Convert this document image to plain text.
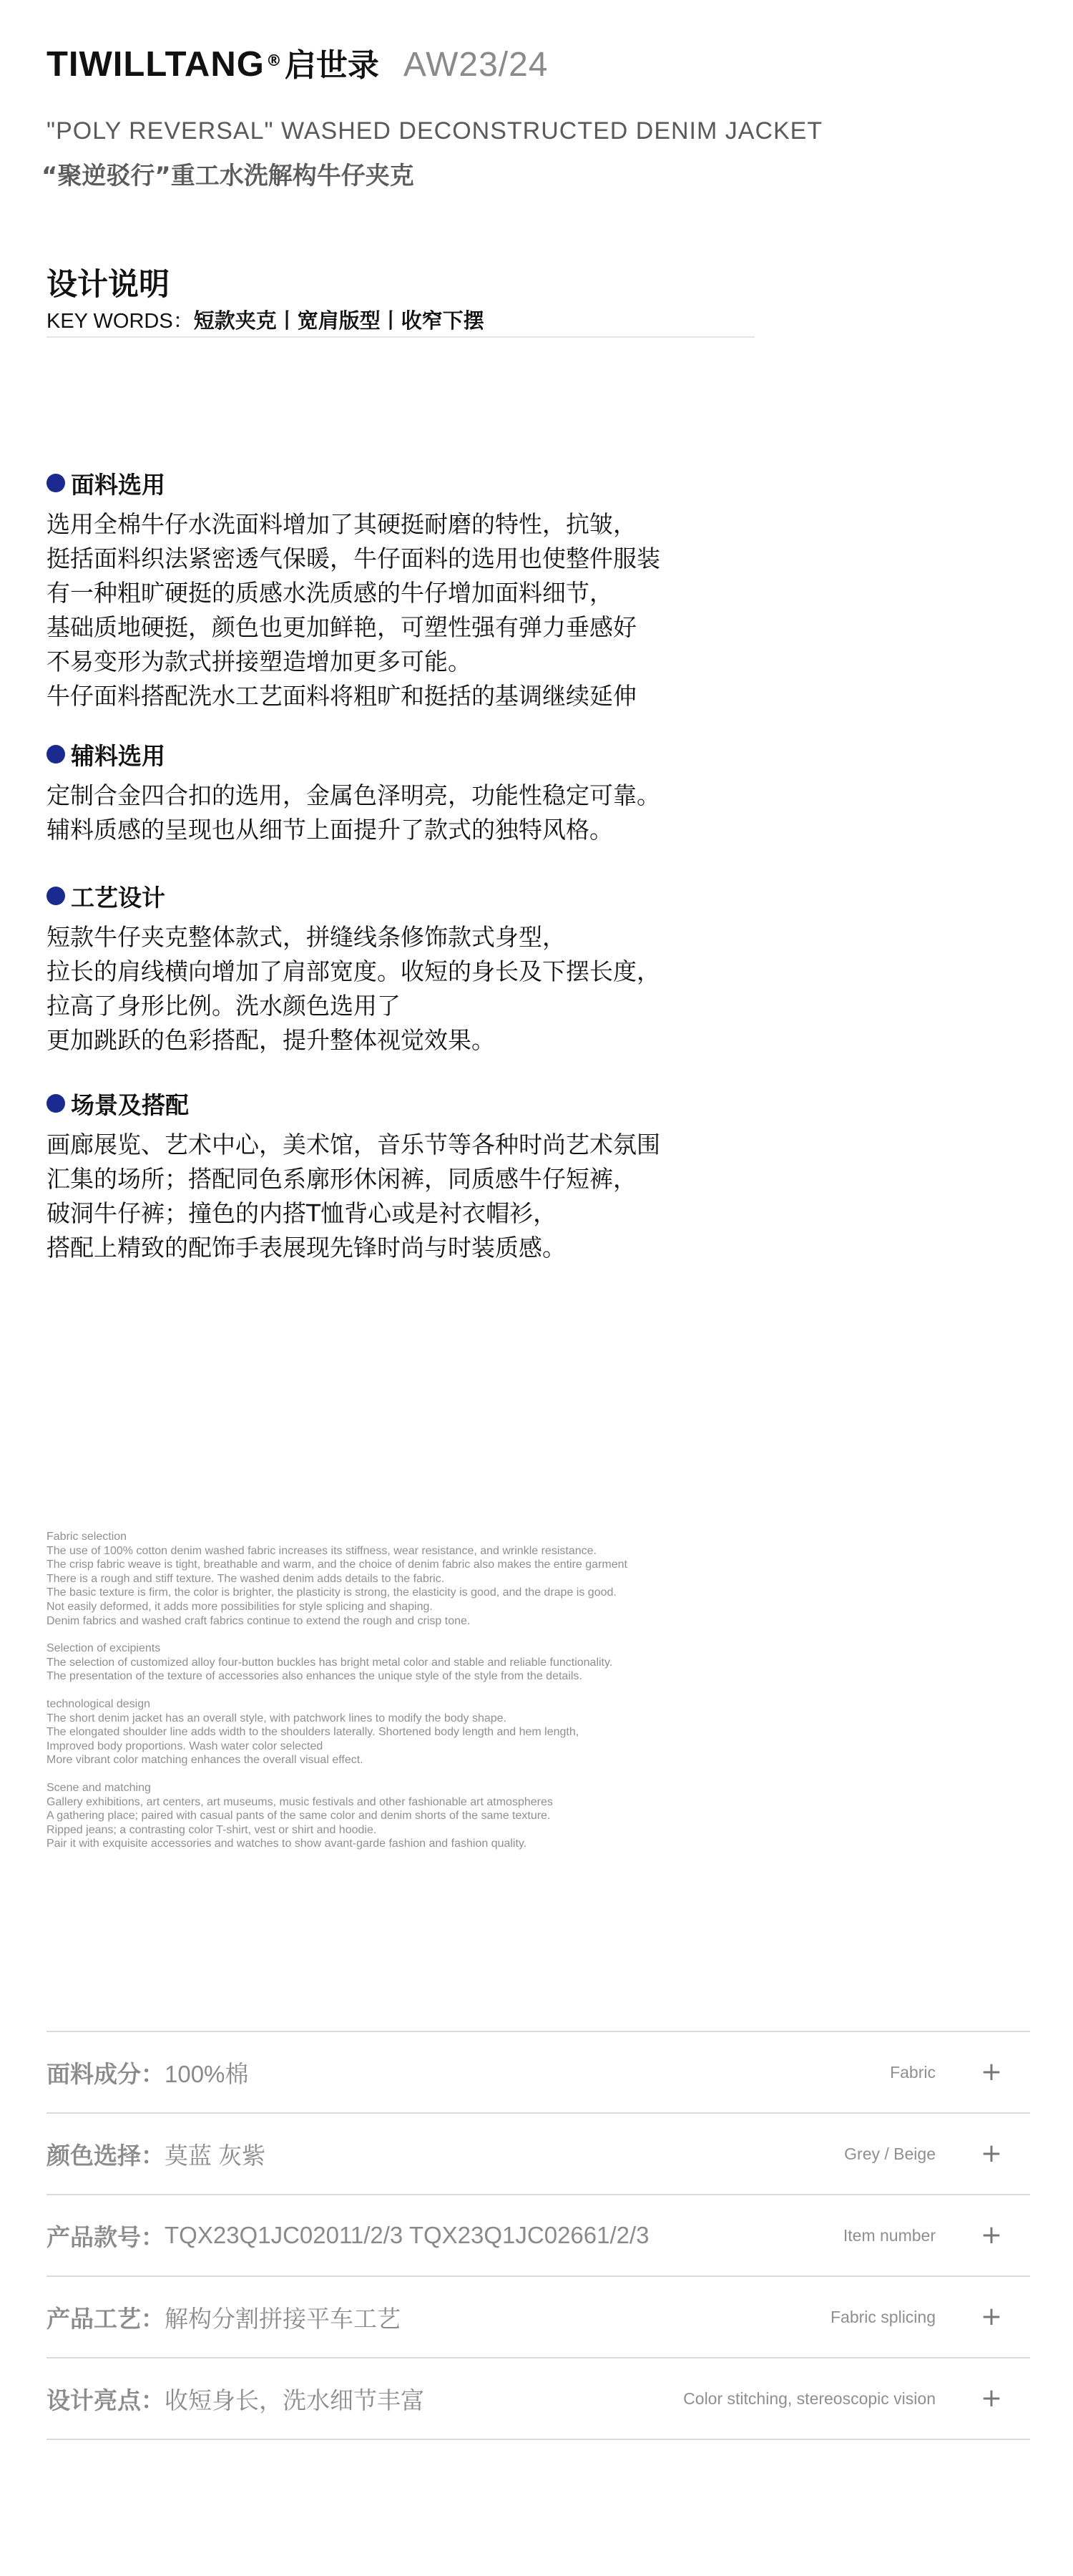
TIWILLTANG ® 启世录 AW23/24
"POLY REVERSAL" WASHED DECONSTRUCTED DENIM JACKET
“聚逆驳行”重工水洗解构牛仔夹克
设计说明
KEY WORDS：短款夹克丨宽肩版型丨收窄下摆
面料选用
选用全棉牛仔水洗面料增加了其硬挺耐磨的特性，抗皱，
挺括面料织法紧密透气保暖，牛仔面料的选用也使整件服装
有一种粗旷硬挺的质感水洗质感的牛仔增加面料细节，
基础质地硬挺，颜色也更加鲜艳，可塑性强有弹力垂感好
不易变形为款式拼接塑造增加更多可能。
牛仔面料搭配洗水工艺面料将粗旷和挺括的基调继续延伸
辅料选用
定制合金四合扣的选用，金属色泽明亮，功能性稳定可靠。
辅料质感的呈现也从细节上面提升了款式的独特风格。
工艺设计
短款牛仔夹克整体款式，拼缝线条修饰款式身型，
拉长的肩线横向增加了肩部宽度。收短的身长及下摆长度，
拉高了身形比例。洗水颜色选用了
更加跳跃的色彩搭配，提升整体视觉效果。
场景及搭配
画廊展览、艺术中心，美术馆，音乐节等各种时尚艺术氛围
汇集的场所；搭配同色系廓形休闲裤，同质感牛仔短裤，
破洞牛仔裤；撞色的内搭T恤背心或是衬衣帽衫，
搭配上精致的配饰手表展现先锋时尚与时装质感。
Fabric selection
The use of 100% cotton denim washed fabric increases its stiffness, wear resistance, and wrinkle resistance.
The crisp fabric weave is tight, breathable and warm, and the choice of denim fabric also makes the entire garment
There is a rough and stiff texture. The washed denim adds details to the fabric.
The basic texture is firm, the color is brighter, the plasticity is strong, the elasticity is good, and the drape is good.
Not easily deformed, it adds more possibilities for style splicing and shaping.
Denim fabrics and washed craft fabrics continue to extend the rough and crisp tone.
Selection of excipients
The selection of customized alloy four-button buckles has bright metal color and stable and reliable functionality.
The presentation of the texture of accessories also enhances the unique style of the style from the details.
technological design
The short denim jacket has an overall style, with patchwork lines to modify the body shape.
The elongated shoulder line adds width to the shoulders laterally. Shortened body length and hem length,
Improved body proportions. Wash water color selected
More vibrant color matching enhances the overall visual effect.
Scene and matching
Gallery exhibitions, art centers, art museums, music festivals and other fashionable art atmospheres
A gathering place; paired with casual pants of the same color and denim shorts of the same texture.
Ripped jeans; a contrasting color T-shirt, vest or shirt and hoodie.
Pair it with exquisite accessories and watches to show avant-garde fashion and fashion quality.
面料成分： 100%棉	Fabric +
颜色选择： 莫蓝 灰紫	Grey / Beige +
产品款号： TQX23Q1JC02011/2/3 TQX23Q1JC02661/2/3	Item number +
产品工艺： 解构分割拼接平车工艺	Fabric splicing +
设计亮点： 收短身长，洗水细节丰富	Color stitching, stereoscopic vision +
